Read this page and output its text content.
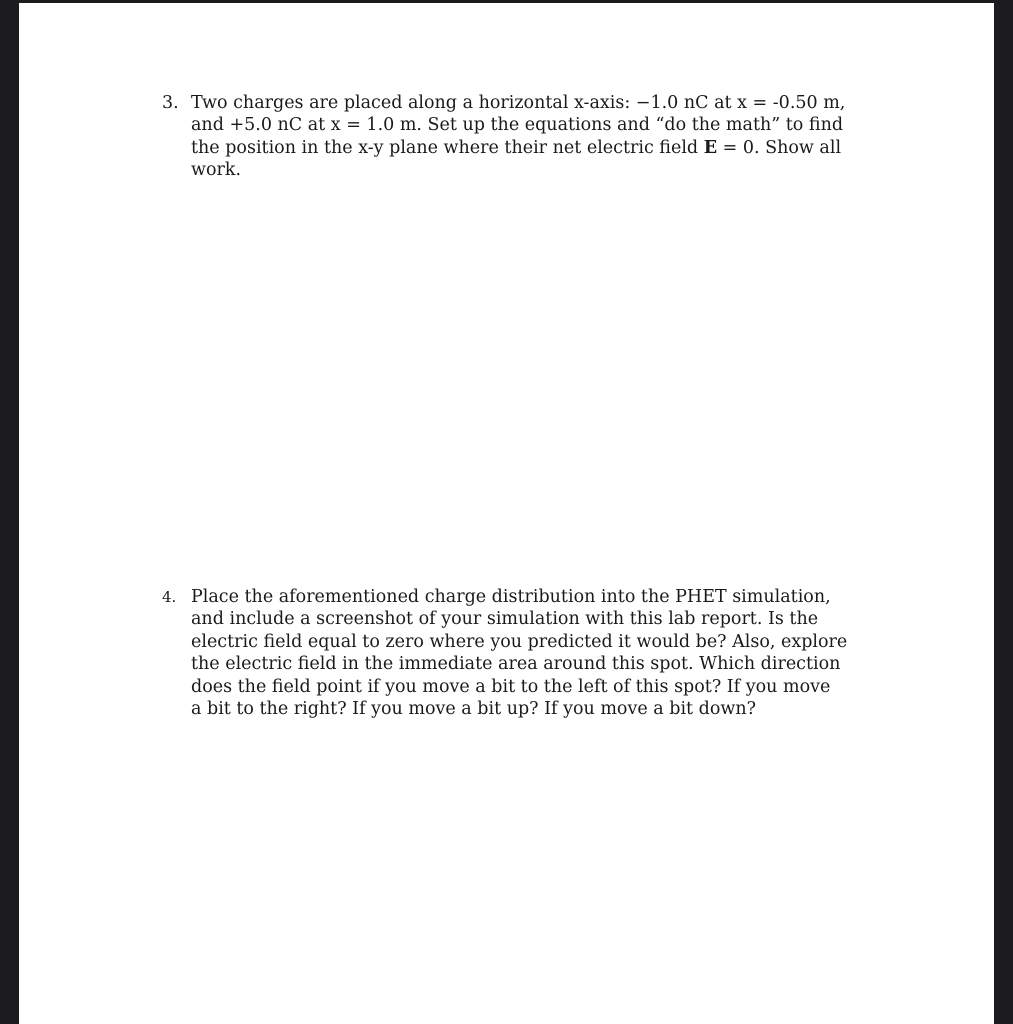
3. Two charges are placed along a horizontal x-axis: −1.0 nC at x = -0.50 m,
and +5.0 nC at x = 1.0 m. Set up the equations and “do the math” to find
the position in the x-y plane where their net electric field E = 0. Show all
work.
4. Place the aforementioned charge distribution into the PHET simulation,
and include a screenshot of your simulation with this lab report. Is the
electric field equal to zero where you predicted it would be? Also, explore
the electric field in the immediate area around this spot. Which direction
does the field point if you move a bit to the left of this spot? If you move
a bit to the right? If you move a bit up? If you move a bit down?
